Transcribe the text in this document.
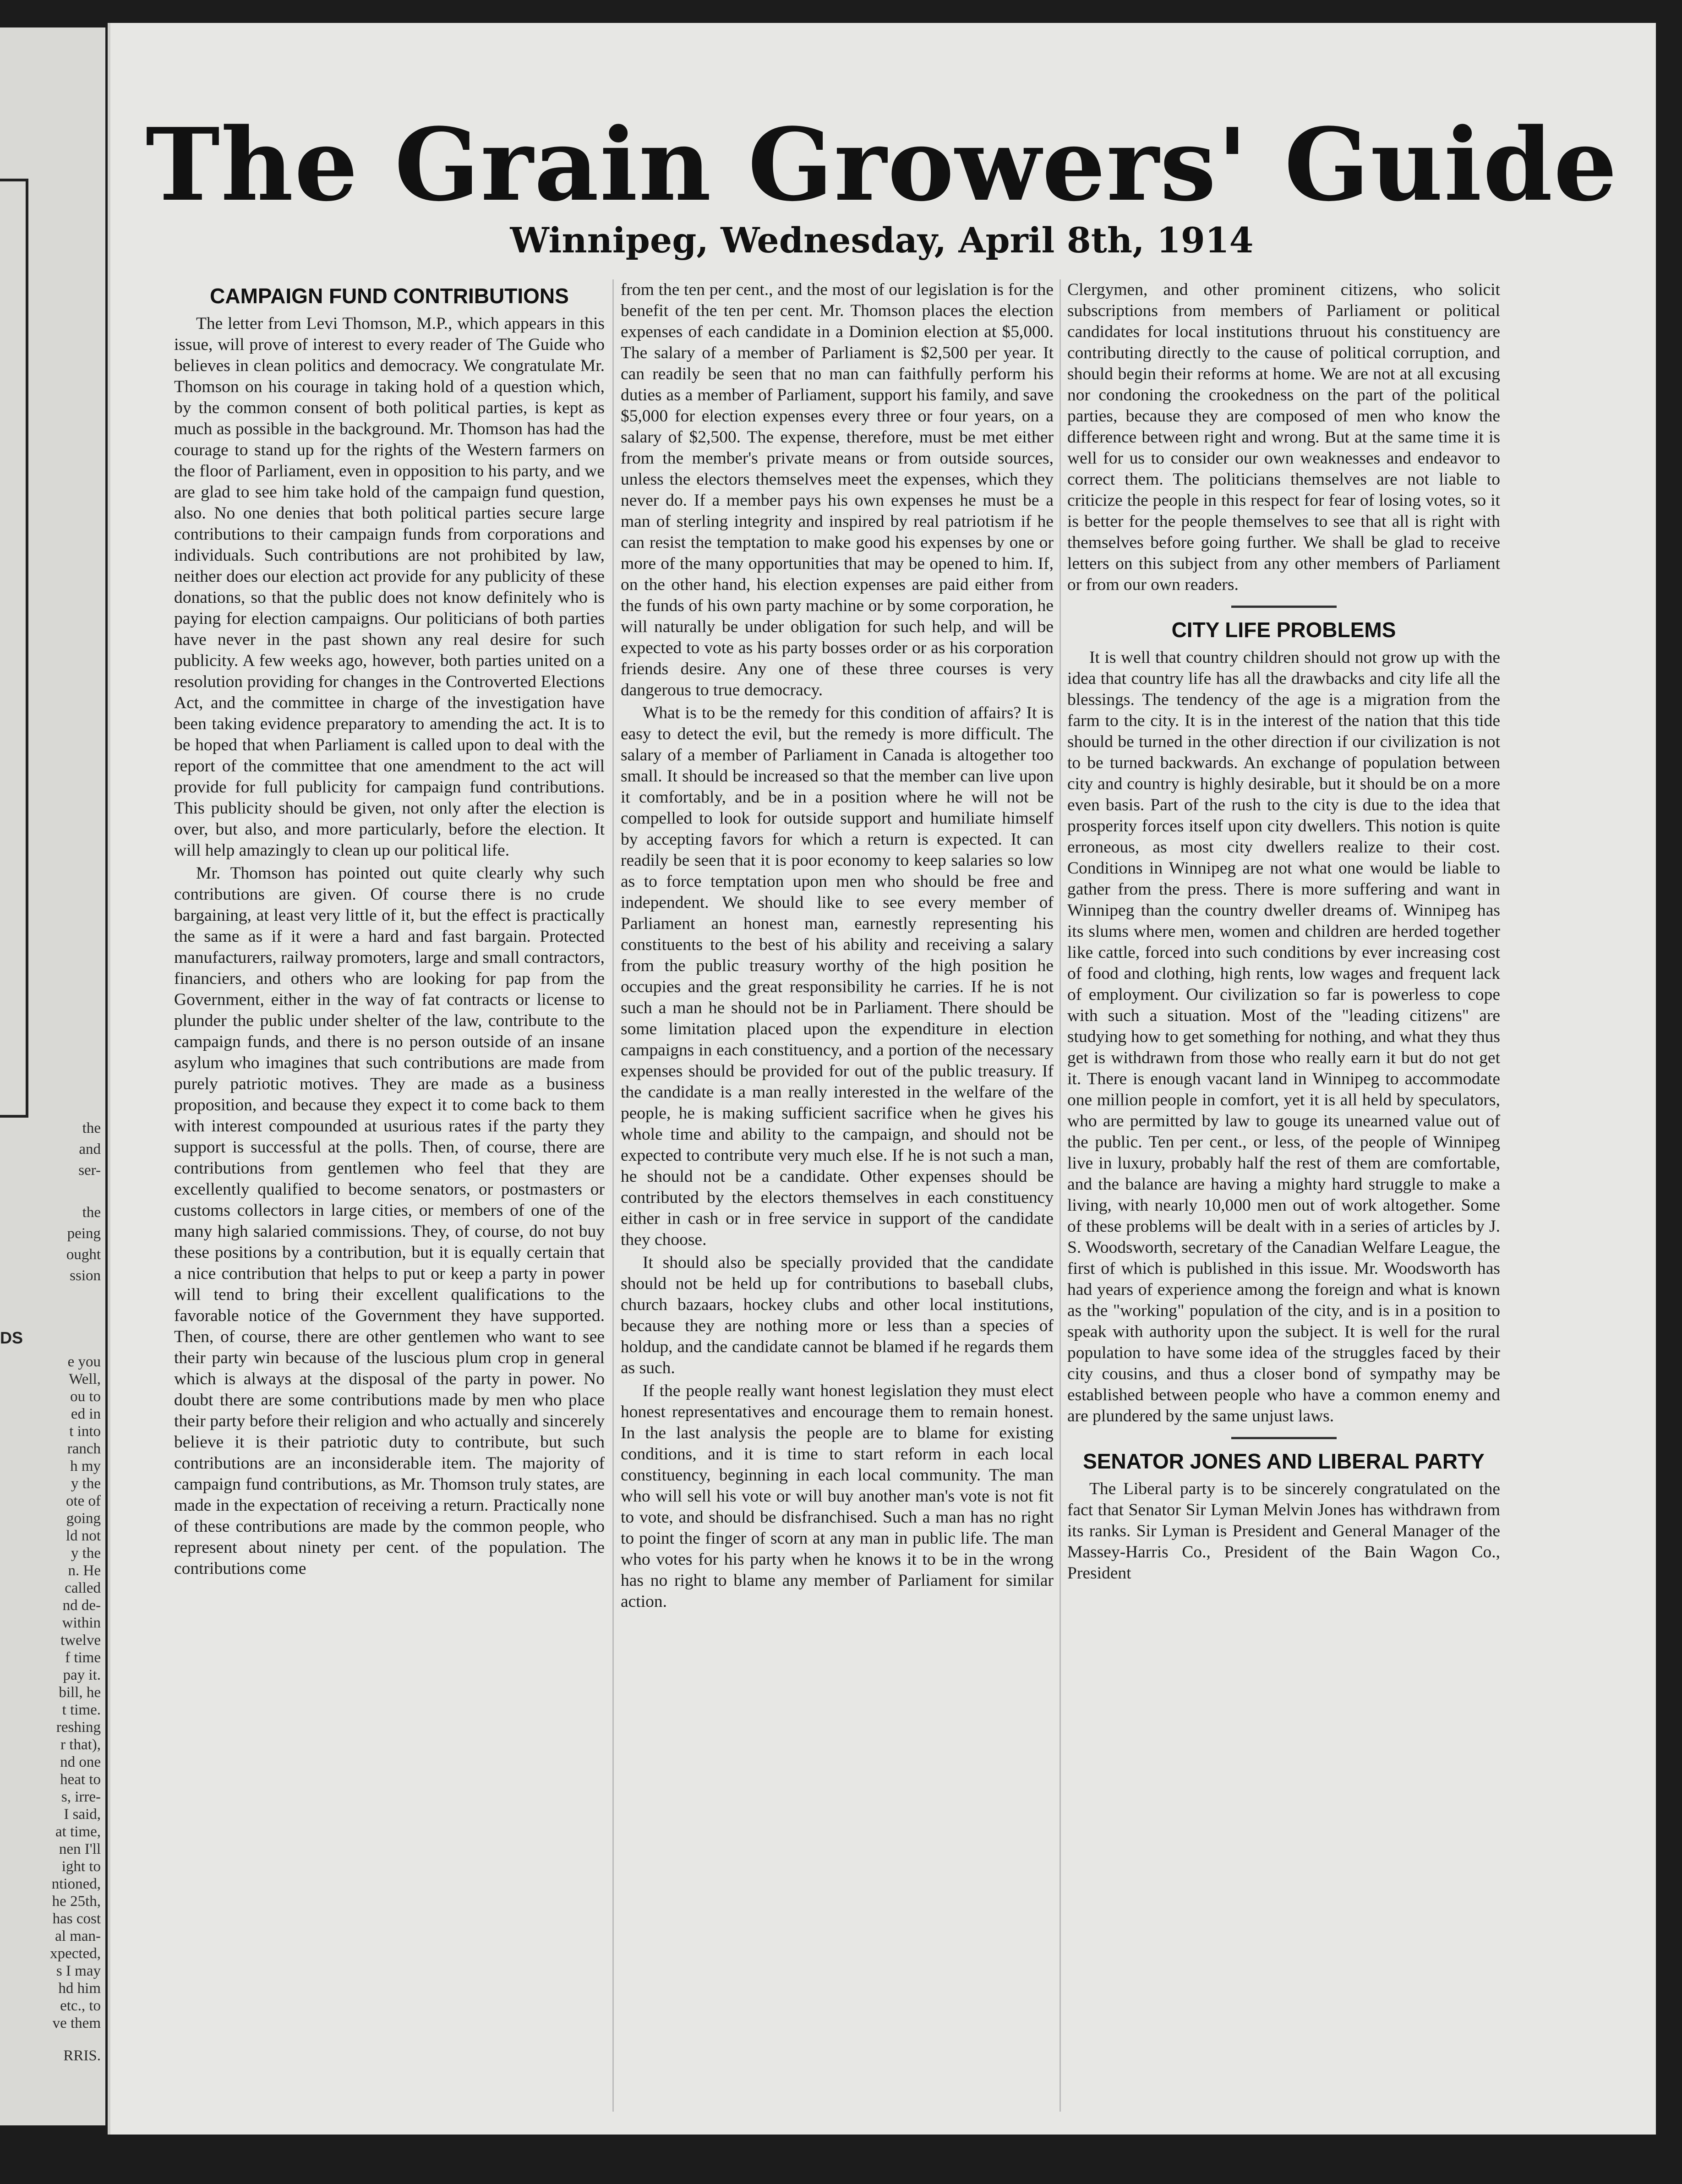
the
and
ser-
the
peing
ought
ssion
DS
e you
Well,
ou to
ed in
t into
ranch
h my
y the
ote of
going
ld not
y the
n. He
called
nd de-
within
twelve
f time
pay it.
bill, he
t time.
reshing
r that),
nd one
heat to
s, irre-
I said,
at time,
nen I'll
ight to
ntioned,
he 25th,
has cost
al man-
xpected,
s I may
hd him
etc., to
ve them
RRIS.
The Grain Growers' Guide
Winnipeg, Wednesday, April 8th, 1914
CAMPAIGN FUND CONTRIBUTIONS

The letter from Levi Thomson, M.P., which appears in this issue, will prove of interest to every reader of The Guide who believes in clean politics and democracy. We congratulate Mr. Thomson on his courage in taking hold of a question which, by the common consent of both political parties, is kept as much as possible in the background. Mr. Thomson has had the courage to stand up for the rights of the Western farmers on the floor of Parliament, even in opposition to his party, and we are glad to see him take hold of the campaign fund question, also. No one denies that both political parties secure large contributions to their campaign funds from corporations and individuals. Such contributions are not prohibited by law, neither does our election act provide for any publicity of these donations, so that the public does not know definitely who is paying for election campaigns. Our politicians of both parties have never in the past shown any real desire for such publicity. A few weeks ago, however, both parties united on a resolution providing for changes in the Controverted Elections Act, and the committee in charge of the investigation have been taking evidence preparatory to amending the act. It is to be hoped that when Parliament is called upon to deal with the report of the committee that one amendment to the act will provide for full publicity for campaign fund contributions. This publicity should be given, not only after the election is over, but also, and more particularly, before the election. It will help amazingly to clean up our political life.

Mr. Thomson has pointed out quite clearly why such contributions are given. Of course there is no crude bargaining, at least very little of it, but the effect is practically the same as if it were a hard and fast bargain. Protected manufacturers, railway promoters, large and small contractors, financiers, and others who are looking for pap from the Government, either in the way of fat contracts or license to plunder the public under shelter of the law, contribute to the campaign funds, and there is no person outside of an insane asylum who imagines that such contributions are made from purely patriotic motives. They are made as a business proposition, and because they expect it to come back to them with interest compounded at usurious rates if the party they support is successful at the polls. Then, of course, there are contributions from gentlemen who feel that they are excellently qualified to become senators, or postmasters or customs collectors in large cities, or members of one of the many high salaried commissions. They, of course, do not buy these positions by a contribution, but it is equally certain that a nice contribution that helps to put or keep a party in power will tend to bring their excellent qualifications to the favorable notice of the Government they have supported. Then, of course, there are other gentlemen who want to see their party win because of the luscious plum crop in general which is always at the disposal of the party in power. No doubt there are some contributions made by men who place their party before their religion and who actually and sincerely believe it is their patriotic duty to contribute, but such contributions are an inconsiderable item. The majority of campaign fund contributions, as Mr. Thomson truly states, are made in the expectation of receiving a return. Practically none of these contributions are made by the common people, who represent about ninety per cent. of the population. The contributions come

from the ten per cent., and the most of our legislation is for the benefit of the ten per cent. Mr. Thomson places the election expenses of each candidate in a Dominion election at $5,000. The salary of a member of Parliament is $2,500 per year. It can readily be seen that no man can faithfully perform his duties as a member of Parliament, support his family, and save $5,000 for election expenses every three or four years, on a salary of $2,500. The expense, therefore, must be met either from the member's private means or from outside sources, unless the electors themselves meet the expenses, which they never do. If a member pays his own expenses he must be a man of sterling integrity and inspired by real patriotism if he can resist the temptation to make good his expenses by one or more of the many opportunities that may be opened to him. If, on the other hand, his election expenses are paid either from the funds of his own party machine or by some corporation, he will naturally be under obligation for such help, and will be expected to vote as his party bosses order or as his corporation friends desire. Any one of these three courses is very dangerous to true democracy.

What is to be the remedy for this condition of affairs? It is easy to detect the evil, but the remedy is more difficult. The salary of a member of Parliament in Canada is altogether too small. It should be increased so that the member can live upon it comfortably, and be in a position where he will not be compelled to look for outside support and humiliate himself by accepting favors for which a return is expected. It can readily be seen that it is poor economy to keep salaries so low as to force temptation upon men who should be free and independent. We should like to see every member of Parliament an honest man, earnestly representing his constituents to the best of his ability and receiving a salary from the public treasury worthy of the high position he occupies and the great responsibility he carries. If he is not such a man he should not be in Parliament. There should be some limitation placed upon the expenditure in election campaigns in each constituency, and a portion of the necessary expenses should be provided for out of the public treasury. If the candidate is a man really interested in the welfare of the people, he is making sufficient sacrifice when he gives his whole time and ability to the campaign, and should not be expected to contribute very much else. If he is not such a man, he should not be a candidate. Other expenses should be contributed by the electors themselves in each constituency either in cash or in free service in support of the candidate they choose.

It should also be specially provided that the candidate should not be held up for contributions to baseball clubs, church bazaars, hockey clubs and other local institutions, because they are nothing more or less than a species of holdup, and the candidate cannot be blamed if he regards them as such.

If the people really want honest legislation they must elect honest representatives and encourage them to remain honest. In the last analysis the people are to blame for existing conditions, and it is time to start reform in each local constituency, beginning in each local community. The man who will sell his vote or will buy another man's vote is not fit to vote, and should be disfranchised. Such a man has no right to point the finger of scorn at any man in public life. The man who votes for his party when he knows it to be in the wrong has no right to blame any member of Parliament for similar action.

Clergymen, and other prominent citizens, who solicit subscriptions from members of Parliament or political candidates for local institutions thruout his constituency are contributing directly to the cause of political corruption, and should begin their reforms at home. We are not at all excusing nor condoning the crookedness on the part of the political parties, because they are composed of men who know the difference between right and wrong. But at the same time it is well for us to consider our own weaknesses and endeavor to correct them. The politicians themselves are not liable to criticize the people in this respect for fear of losing votes, so it is better for the people themselves to see that all is right with themselves before going further. We shall be glad to receive letters on this subject from any other members of Parliament or from our own readers.

CITY LIFE PROBLEMS

It is well that country children should not grow up with the idea that country life has all the drawbacks and city life all the blessings. The tendency of the age is a migration from the farm to the city. It is in the interest of the nation that this tide should be turned in the other direction if our civilization is not to be turned backwards. An exchange of population between city and country is highly desirable, but it should be on a more even basis. Part of the rush to the city is due to the idea that prosperity forces itself upon city dwellers. This notion is quite erroneous, as most city dwellers realize to their cost. Conditions in Winnipeg are not what one would be liable to gather from the press. There is more suffering and want in Winnipeg than the country dweller dreams of. Winnipeg has its slums where men, women and children are herded together like cattle, forced into such conditions by ever increasing cost of food and clothing, high rents, low wages and frequent lack of employment. Our civilization so far is powerless to cope with such a situation. Most of the "leading citizens" are studying how to get something for nothing, and what they thus get is withdrawn from those who really earn it but do not get it. There is enough vacant land in Winnipeg to accommodate one million people in comfort, yet it is all held by speculators, who are permitted by law to gouge its unearned value out of the public. Ten per cent., or less, of the people of Winnipeg live in luxury, probably half the rest of them are comfortable, and the balance are having a mighty hard struggle to make a living, with nearly 10,000 men out of work altogether. Some of these problems will be dealt with in a series of articles by J. S. Woodsworth, secretary of the Canadian Welfare League, the first of which is published in this issue. Mr. Woodsworth has had years of experience among the foreign and what is known as the "working" population of the city, and is in a position to speak with authority upon the subject. It is well for the rural population to have some idea of the struggles faced by their city cousins, and thus a closer bond of sympathy may be established between people who have a common enemy and are plundered by the same unjust laws.

SENATOR JONES AND LIBERAL PARTY

The Liberal party is to be sincerely congratulated on the fact that Senator Sir Lyman Melvin Jones has withdrawn from its ranks. Sir Lyman is President and General Manager of the Massey-Harris Co., President of the Bain Wagon Co., President
